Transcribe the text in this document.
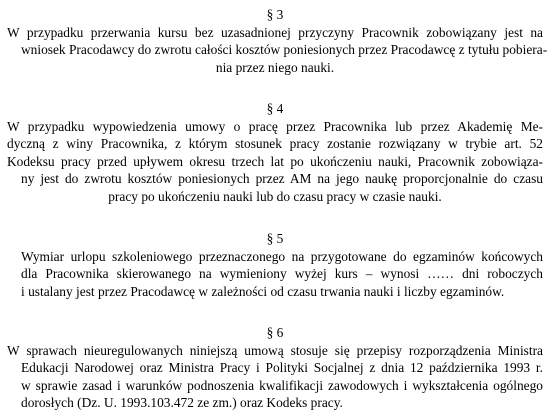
§ 3

W przypadku przerwania kursu bez uzasadnionej przyczyny Pracownik zobowiązany jest na
wniosek Pracodawcy do zwrotu całości kosztów poniesionych przez Pracodawcę z tytułu pobiera-
nia przez niego nauki.

§ 4

W przypadku wypowiedzenia umowy o pracę przez Pracownika lub przez Akademię Me-
dyczną z winy Pracownika, z którym stosunek pracy zostanie rozwiązany w trybie art. 52
Kodeksu pracy przed upływem okresu trzech lat po ukończeniu nauki, Pracownik zobowiąza-
ny jest do zwrotu kosztów poniesionych przez AM na jego naukę proporcjonalnie do czasu
pracy po ukończeniu nauki lub do czasu pracy w czasie nauki.

§ 5

Wymiar urlopu szkoleniowego przeznaczonego na przygotowane do egzaminów końcowych
dla Pracownika skierowanego na wymieniony wyżej kurs – wynosi …… dni roboczych
i ustalany jest przez Pracodawcę w zależności od czasu trwania nauki i liczby egzaminów.

§ 6

W sprawach nieuregulowanych niniejszą umową stosuje się przepisy rozporządzenia Ministra
Edukacji Narodowej oraz Ministra Pracy i Polityki Socjalnej z dnia 12 października 1993 r.
w sprawie zasad i warunków podnoszenia kwalifikacji zawodowych i wykształcenia ogólnego
dorosłych (Dz. U. 1993.103.472 ze zm.) oraz Kodeks pracy.
